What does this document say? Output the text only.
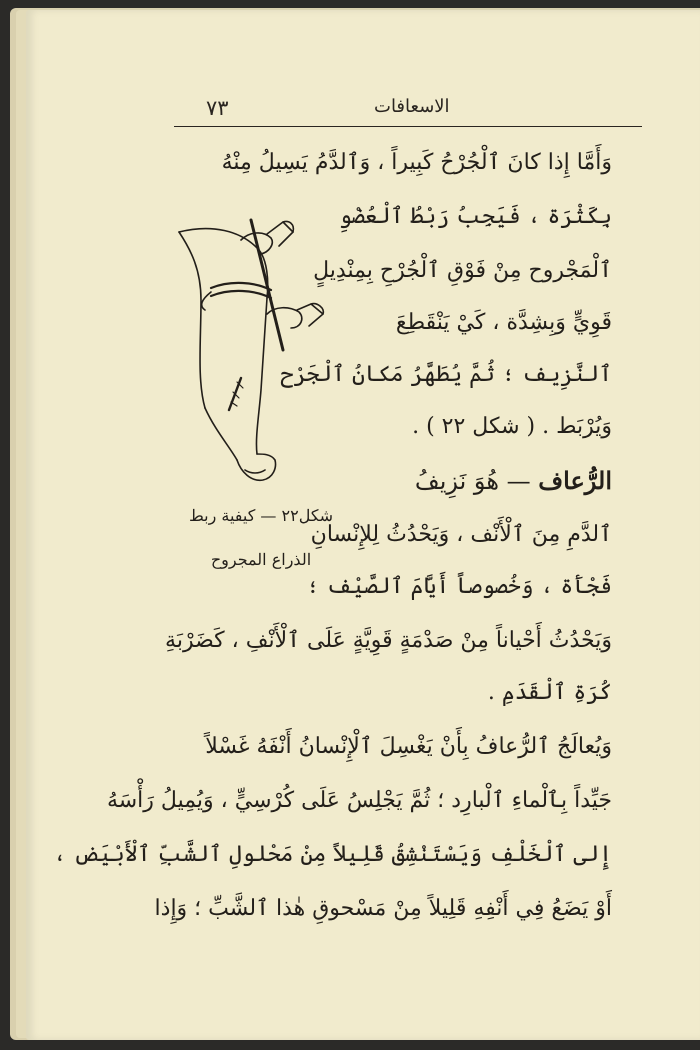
٧٣	الاسعافات
وَأَمَّا إِذا كانَ ٱلْجُرْحُ كَبِيراً ، وَٱلدَّمُ يَسِيلُ مِنْهُ
بِكَثْرَة ، فَيَجِبُ رَبْطُ ٱلْعُضْوِ
ٱلْمَجْروح مِنْ فَوْقِ ٱلْجُرْحِ بِمِنْدِيلٍ
قَوِيٍّ وَبِشِدَّة ، كَيْ يَنْقَطِعَ
ٱلنَّزِيف ؛ ثُمَّ يُطَهَّرُ مَكانُ ٱلْجَرْح
وَيُرْبَط . ( شكل ٢٢ ) .
الرُّعاف — هُوَ نَزِيفُ
ٱلدَّمِ مِنَ ٱلْأَنْف ، وَيَحْدُثُ لِلإِنْسانِ
فَجْأَة ، وَخُصوصاً أَيَّامَ ٱلصَّيْف ؛
وَيَحْدُثُ أَحْياناً مِنْ صَدْمَةٍ قَوِيَّةٍ عَلَى ٱلْأَنْفِ ، كَضَرْبَةِ
كُرَةِ ٱلْقَدَمِ .
وَيُعالَجُ ٱلرُّعافُ بِأَنْ يَغْسِلَ ٱلْإِنْسانُ أَنْفَهُ غَسْلاً
جَيِّداً بِٱلْماءِ ٱلْبارِد ؛ ثُمَّ يَجْلِسُ عَلَى كُرْسِيٍّ ، وَيُمِيلُ رَأْسَهُ
إِلى ٱلْخَلْفِ وَيَسْتَنْشِقُ قَلِيلاً مِنْ مَحْلولِ ٱلشَّبِّ ٱلْأَبْيَض ،
أَوْ يَضَعُ فِي أَنْفِهِ قَلِيلاً مِنْ مَسْحوقِ هٰذا ٱلشَّبِّ ؛ وَإِذا
شكل٢٢ — كيفية ربط
الذراع المجروح
